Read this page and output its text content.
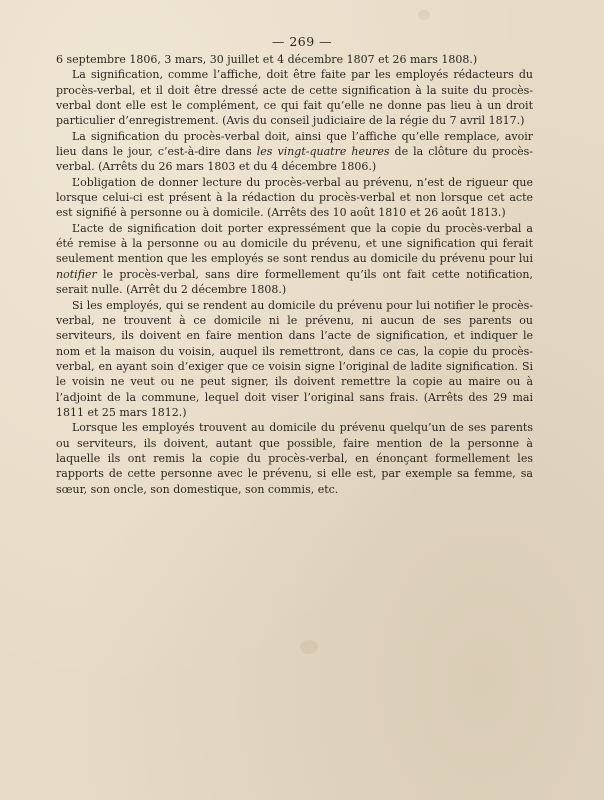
— 269 —

6 septembre 1806, 3 mars, 30 juillet et 4 décembre 1807 et 26 mars 1808.)

La signification, comme l’affiche, doit être faite par les employés rédacteurs du procès-verbal, et il doit être dressé acte de cette signification à la suite du procès-verbal dont elle est le complément, ce qui fait qu’elle ne donne pas lieu à un droit particulier d’enregistrement. (Avis du conseil judiciaire de la régie du 7 avril 1817.)

La signification du procès-verbal doit, ainsi que l’affiche qu’elle remplace, avoir lieu dans le jour, c’est-à-dire dans les vingt-quatre heures de la clôture du procès-verbal. (Arrêts du 26 mars 1803 et du 4 décembre 1806.)

L’obligation de donner lecture du procès-verbal au prévenu, n’est de rigueur que lorsque celui-ci est présent à la rédaction du procès-verbal et non lorsque cet acte est signifié à personne ou à domicile. (Arrêts des 10 août 1810 et 26 août 1813.)

L’acte de signification doit porter expressément que la copie du procès-verbal a été remise à la personne ou au domicile du prévenu, et une signification qui ferait seulement mention que les employés se sont rendus au domicile du prévenu pour lui notifier le procès-verbal, sans dire formellement qu’ils ont fait cette notification, serait nulle. (Arrêt du 2 décembre 1808.)

Si les employés, qui se rendent au domicile du prévenu pour lui notifier le procès-verbal, ne trouvent à ce domicile ni le prévenu, ni aucun de ses parents ou serviteurs, ils doivent en faire mention dans l’acte de signification, et indiquer le nom et la maison du voisin, auquel ils remettront, dans ce cas, la copie du procès-verbal, en ayant soin d’exiger que ce voisin signe l’original de ladite signification. Si le voisin ne veut ou ne peut signer, ils doivent remettre la copie au maire ou à l’adjoint de la commune, lequel doit viser l’original sans frais. (Arrêts des 29 mai 1811 et 25 mars 1812.)

Lorsque les employés trouvent au domicile du prévenu quelqu’un de ses parents ou serviteurs, ils doivent, autant que possible, faire mention de la personne à laquelle ils ont remis la copie du procès-verbal, en énonçant formellement les rapports de cette personne avec le prévenu, si elle est, par exemple sa femme, sa sœur, son oncle, son domestique, son commis, etc.
